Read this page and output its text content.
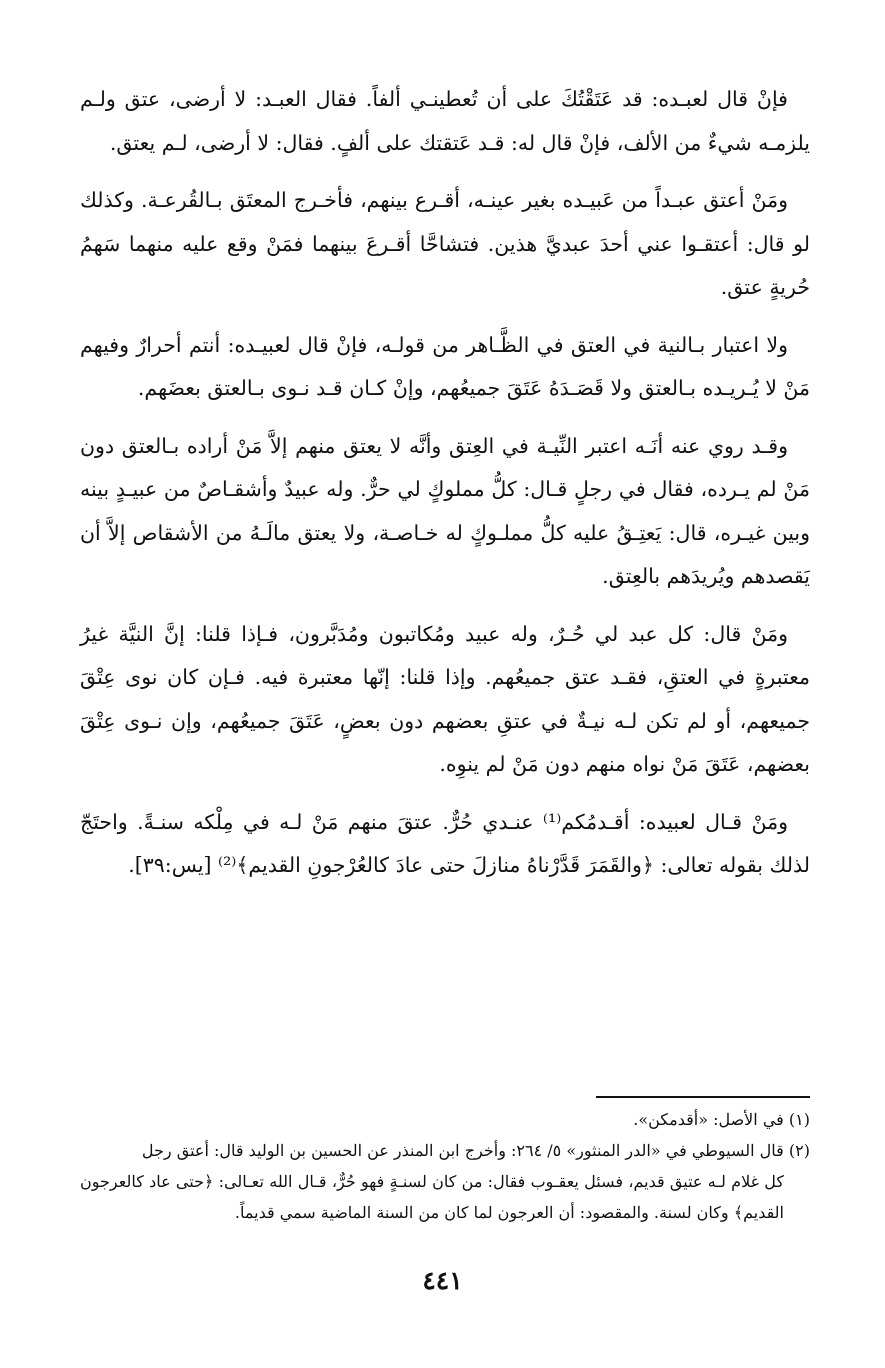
فإنْ قال لعبـده: قد عَتَقْتُكَ على أن تُعطينـي ألفاً. فقال العبـد: لا أرضى، عتق ولـم يلزمـه شيءٌ من الألف، فإنْ قال له: قـد عَتقتك على ألفٍ. فقال: لا أرضى، لـم يعتق.

ومَنْ أعتق عبـداً من عَبيـده بغير عينـه، أقـرع بينهم، فأخـرج المعتَق بـالقُرعـة. وكذلك لو قال: أعتقـوا عني أحدَ عبديَّ هذين. فتشاحَّا أقـرعَ بينهما فمَنْ وقع عليه منهما سَهمُ حُريةٍ عتق.

ولا اعتبار بـالنية في العتق في الظَّـاهر من قولـه، فإنْ قال لعبيـده: أنتم أحرارٌ وفيهم مَنْ لا يُـريـده بـالعتق ولا قَصَـدَهُ عَتَقَ جميعُهم، وإنْ كـان قـد نـوى بـالعتق بعضَهم.

وقـد روي عنه أنَـه اعتبر النِّيـة في العِتق وأنَّه لا يعتق منهم إلاَّ مَنْ أراده بـالعتق دون مَنْ لم يـرده، فقال في رجلٍ قـال: كلُّ مملوكٍ لي حرٌّ. وله عبيدٌ وأشقـاصٌ من عبيـدٍ بينه وبين غيـره، قال: يَعتِـقُ عليه كلُّ مملـوكٍ له خـاصـة، ولا يعتق مالَـهُ من الأشقاص إلاَّ أن يَقصدهم ويُريدَهم بالعِتق.

ومَنْ قال: كل عبد لي حُـرٌ، وله عبيد ومُكاتبون ومُدَبَّرون، فـإذا قلنا: إنَّ النيَّة غيرُ معتبرةٍ في العتقِ، فقـد عتق جميعُهم. وإذا قلنا: إنّها معتبرة فيه. فـإن كان نوى عِتْقَ جميعهم، أو لم تكن لـه نيـةٌ في عتقِ بعضهم دون بعضٍ، عَتَقَ جميعُهم، وإن نـوى عِتْقَ بعضهم، عَتَقَ مَنْ نواه منهم دون مَنْ لم ينوِه.

ومَنْ قـال لعبيده: أقـدمُكم⁽¹⁾ عنـدي حُرٌّ. عتقَ منهم مَنْ لـه في مِلْكه سنـةً. واحتَجّ لذلك بقوله تعالى: ﴿والقَمَرَ قَدَّرْناهُ منازلَ حتى عادَ كالعُرْجونِ القديم﴾⁽²⁾ [يس:٣٩].

(١) في الأصل: «أقدمكن».

(٢) قال السيوطي في «الدر المنثور» ٥/ ٢٦٤: وأخرج ابن المنذر عن الحسين بن الوليد قال: أعتق رجل

كل غلام لـه عتيق قديم، فسئل يعقـوب فقال: من كان لسنـةٍ فهو حُرٌّ، قـال الله تعـالى: ﴿حتى عاد كالعرجون القديم﴾ وكان لسنة. والمقصود: أن العرجون لما كان من السنة الماضية سمي قديماً.

٤٤١
